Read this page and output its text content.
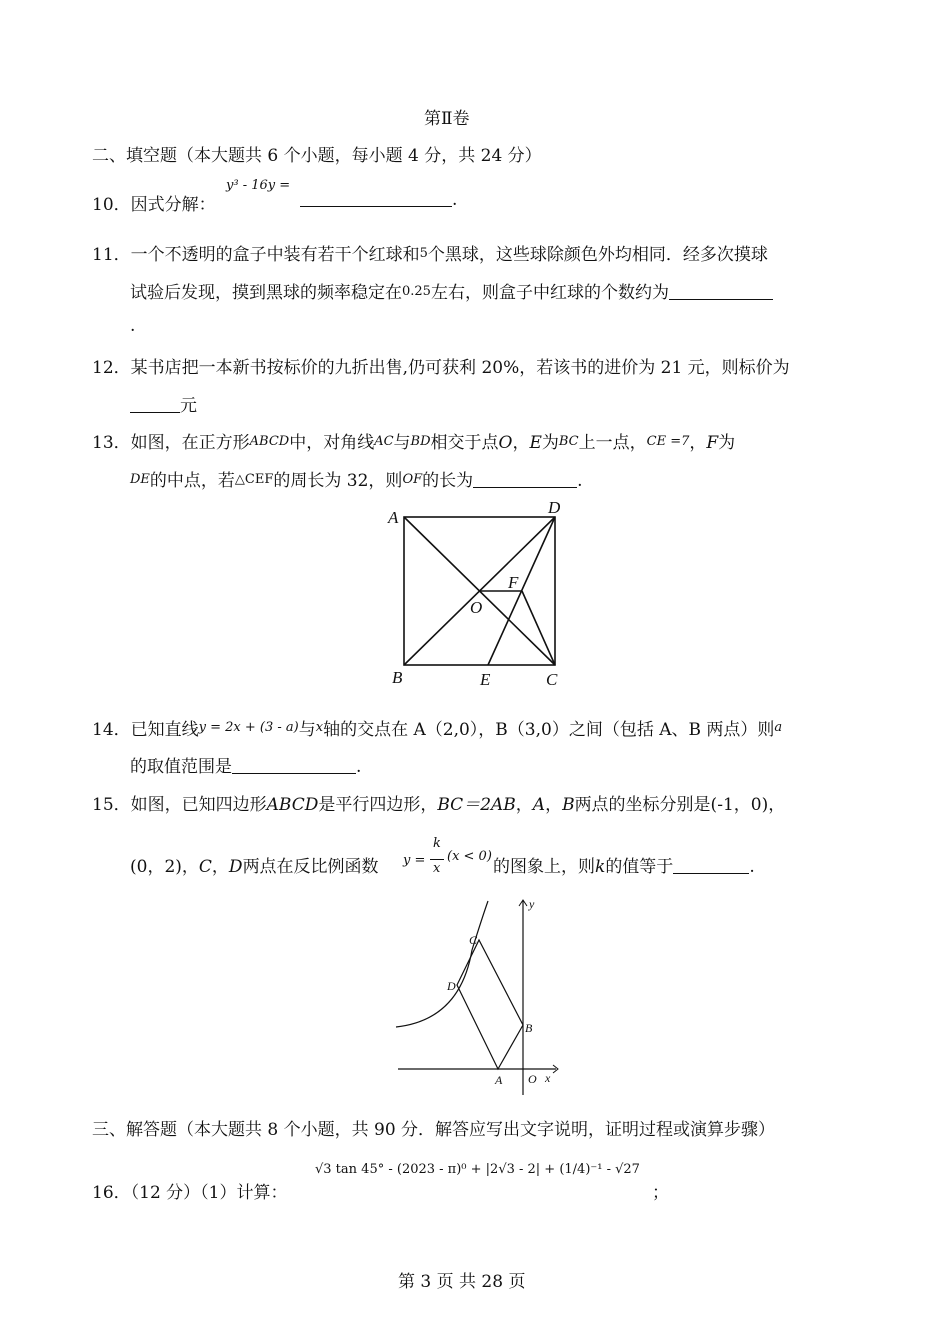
第Ⅱ卷
二、填空题（本大题共 6 个小题，每小题 4 分，共 24 分）
10．因式分解：
y³ - 16y =
.
11．一个不透明的盒子中装有若干个红球和5个黑球，这些球除颜色外均相同．经多次摸球
试验后发现，摸到黑球的频率稳定在0.25左右，则盒子中红球的个数约为
.
12．某书店把一本新书按标价的九折出售,仍可获利 20%，若该书的进价为 21 元，则标价为
元
13．如图，在正方形ABCD中，对角线AC与BD相交于点O，E为BC上一点，CE =7，F为
DE的中点，若△CEF的周长为 32，则OF的长为	.
A
D
B	E	C
F
O
14．已知直线$^{y = 2x + (3 - a)}$与$^x$轴的交点在 A（2,0），B（3,0）之间（包括 A、B 两点）则$^a$
的取值范围是	.
15．如图，已知四边形ABCD是平行四边形，BC＝2AB，A，B两点的坐标分别是(-1，0)，
(0，2)，C，D两点在反比例函数 y =
k
x
(x < 0)
的图象上，则k的值等于	.
y
x
O
A
B
C
D
三、解答题（本大题共 8 个小题，共 90 分．解答应写出文字说明，证明过程或演算步骤）
16．（12 分）（1）计算：
√3 tan 45° - (2023 - π)⁰ + |2√3 - 2| + (1/4)⁻¹ - √27
；
第 3 页 共 28 页
